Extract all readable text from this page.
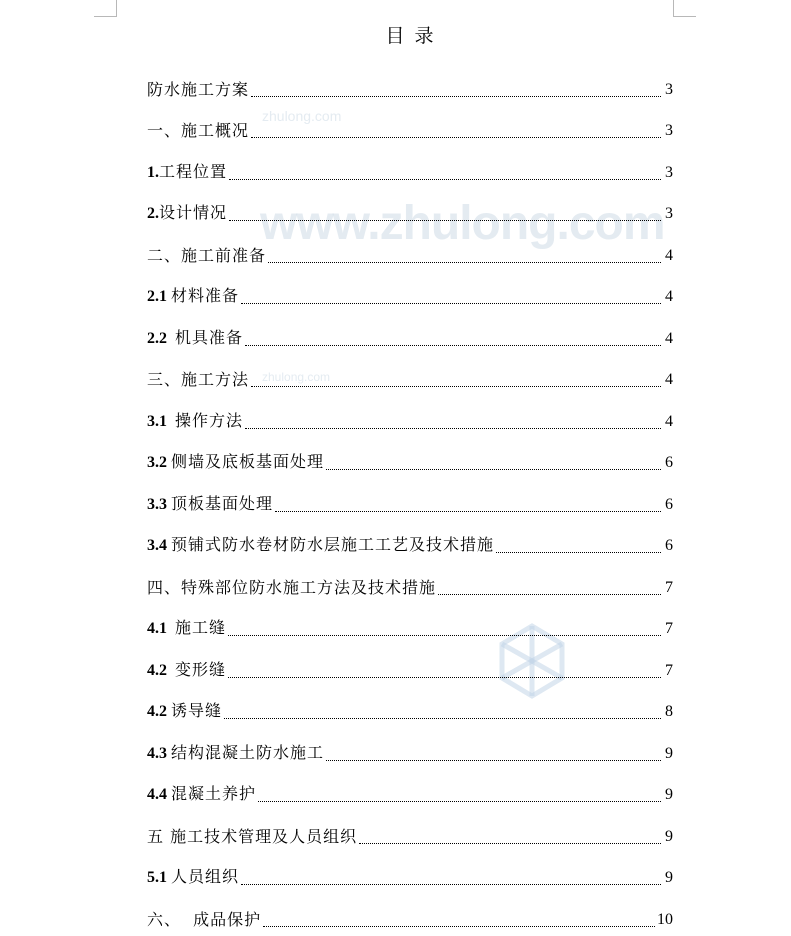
zhulong.com
www.zhulong.com
zhulong.com
目 录
防水施工方案	3
一、施工概况	3
1. 工程位置	3
2. 设计情况	3
二、施工前准备	4
2.1 材料准备	4
2.2 机具准备	4
三、施工方法	4
3.1 操作方法	4
3.2 侧墙及底板基面处理	6
3.3 顶板基面处理	6
3.4 预铺式防水卷材防水层施工工艺及技术措施	6
四、特殊部位防水施工方法及技术措施	7
4.1 施工缝	7
4.2 变形缝	7
4.2 诱导缝	8
4.3 结构混凝土防水施工	9
4.4 混凝土养护	9
五 施工技术管理及人员组织	9
5.1 人员组织	9
六、  成品保护	10
